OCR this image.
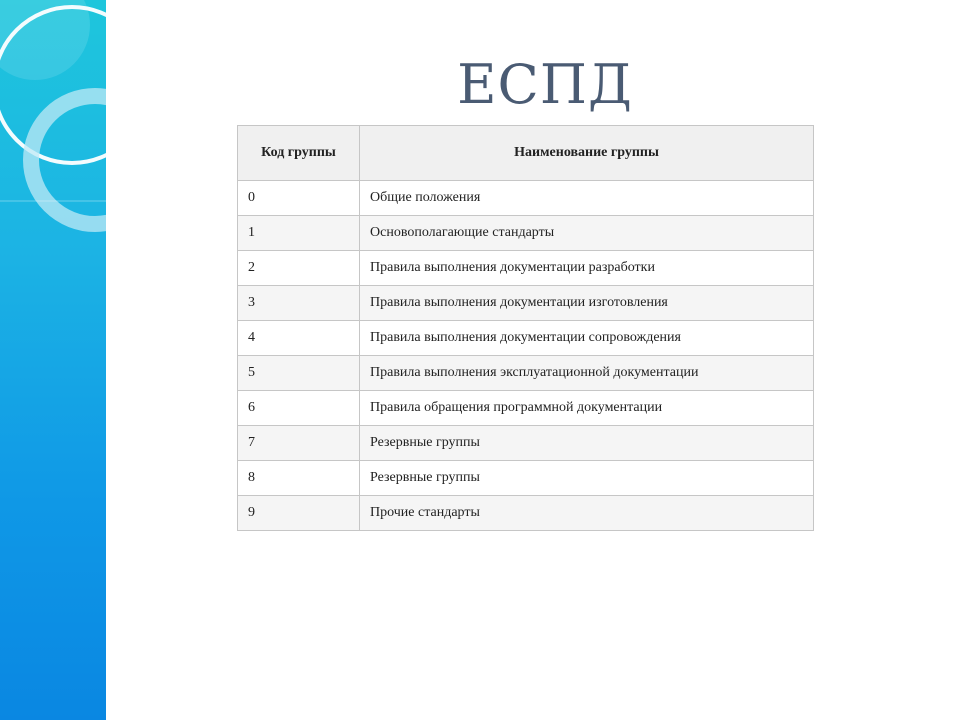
ЕСПД
Код группы	Наименование группы
0	Общие положения
1	Основополагающие стандарты
2	Правила выполнения документации разработки
3	Правила выполнения документации изготовления
4	Правила выполнения документации сопровождения
5	Правила выполнения эксплуатационной документации
6	Правила обращения программной документации
7	Резервные группы
8	Резервные группы
9	Прочие стандарты
